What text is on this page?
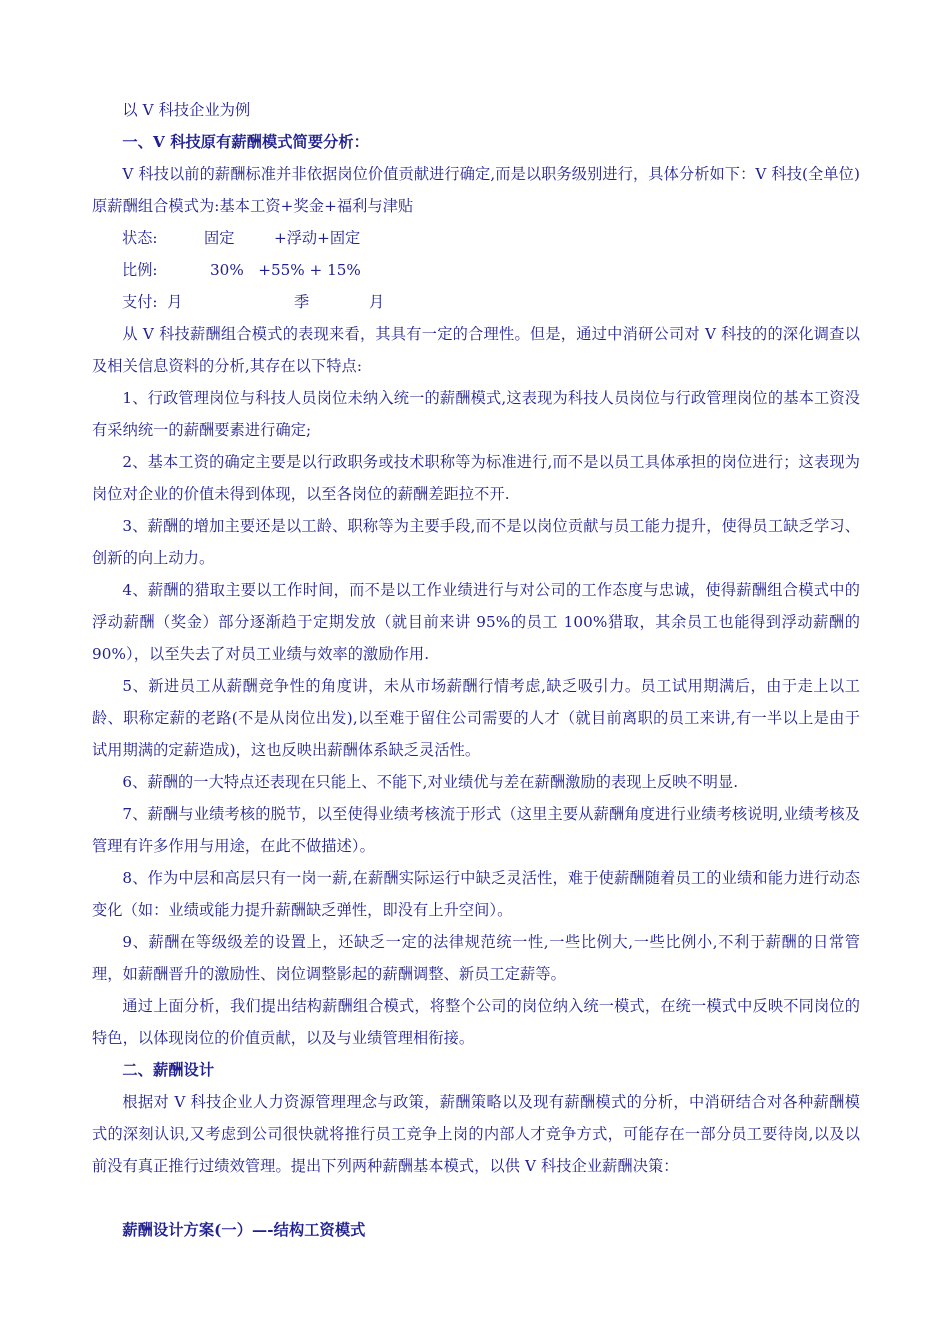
以 V 科技企业为例

一、V 科技原有薪酬模式简要分析：

V 科技以前的薪酬标准并非依据岗位价值贡献进行确定,而是以职务级别进行，具体分析如下：V 科技(全单位)原薪酬组合模式为:基本工资+奖金+福利与津贴

状态:	固定	+浮动+固定
比例:	30%   +55% + 15%
支付:  月	季	月

从 V 科技薪酬组合模式的表现来看，其具有一定的合理性。但是，通过中消研公司对 V 科技的的深化调查以及相关信息资料的分析,其存在以下特点:

1、行政管理岗位与科技人员岗位未纳入统一的薪酬模式,这表现为科技人员岗位与行政管理岗位的基本工资没有采纳统一的薪酬要素进行确定;

2、基本工资的确定主要是以行政职务或技术职称等为标准进行,而不是以员工具体承担的岗位进行；这表现为岗位对企业的价值未得到体现，以至各岗位的薪酬差距拉不开.

3、薪酬的增加主要还是以工龄、职称等为主要手段,而不是以岗位贡献与员工能力提升，使得员工缺乏学习、创新的向上动力。

4、薪酬的猎取主要以工作时间，而不是以工作业绩进行与对公司的工作态度与忠诚，使得薪酬组合模式中的浮动薪酬（奖金）部分逐渐趋于定期发放（就目前来讲 95%的员工 100%猎取，其余员工也能得到浮动薪酬的 90%），以至失去了对员工业绩与效率的激励作用.

5、新进员工从薪酬竞争性的角度讲，未从市场薪酬行情考虑,缺乏吸引力。员工试用期满后，由于走上以工龄、职称定薪的老路(不是从岗位出发),以至难于留住公司需要的人才（就目前离职的员工来讲,有一半以上是由于试用期满的定薪造成)，这也反映出薪酬体系缺乏灵活性。

6、薪酬的一大特点还表现在只能上、不能下,对业绩优与差在薪酬激励的表现上反映不明显.

7、薪酬与业绩考核的脱节，以至使得业绩考核流于形式（这里主要从薪酬角度进行业绩考核说明,业绩考核及管理有许多作用与用途，在此不做描述）。

8、作为中层和高层只有一岗一薪,在薪酬实际运行中缺乏灵活性，难于使薪酬随着员工的业绩和能力进行动态变化（如：业绩或能力提升薪酬缺乏弹性，即没有上升空间）。

9、薪酬在等级级差的设置上，还缺乏一定的法律规范统一性,一些比例大,一些比例小,不利于薪酬的日常管理，如薪酬晋升的激励性、岗位调整影起的薪酬调整、新员工定薪等。

通过上面分析，我们提出结构薪酬组合模式，将整个公司的岗位纳入统一模式，在统一模式中反映不同岗位的特色，以体现岗位的价值贡献，以及与业绩管理相衔接。

二、薪酬设计

根据对 V 科技企业人力资源管理理念与政策，薪酬策略以及现有薪酬模式的分析，中消研结合对各种薪酬模式的深刻认识,又考虑到公司很快就将推行员工竞争上岗的内部人才竞争方式，可能存在一部分员工要待岗,以及以前没有真正推行过绩效管理。提出下列两种薪酬基本模式，以供 V 科技企业薪酬决策：

薪酬设计方案(一）—-结构工资模式
